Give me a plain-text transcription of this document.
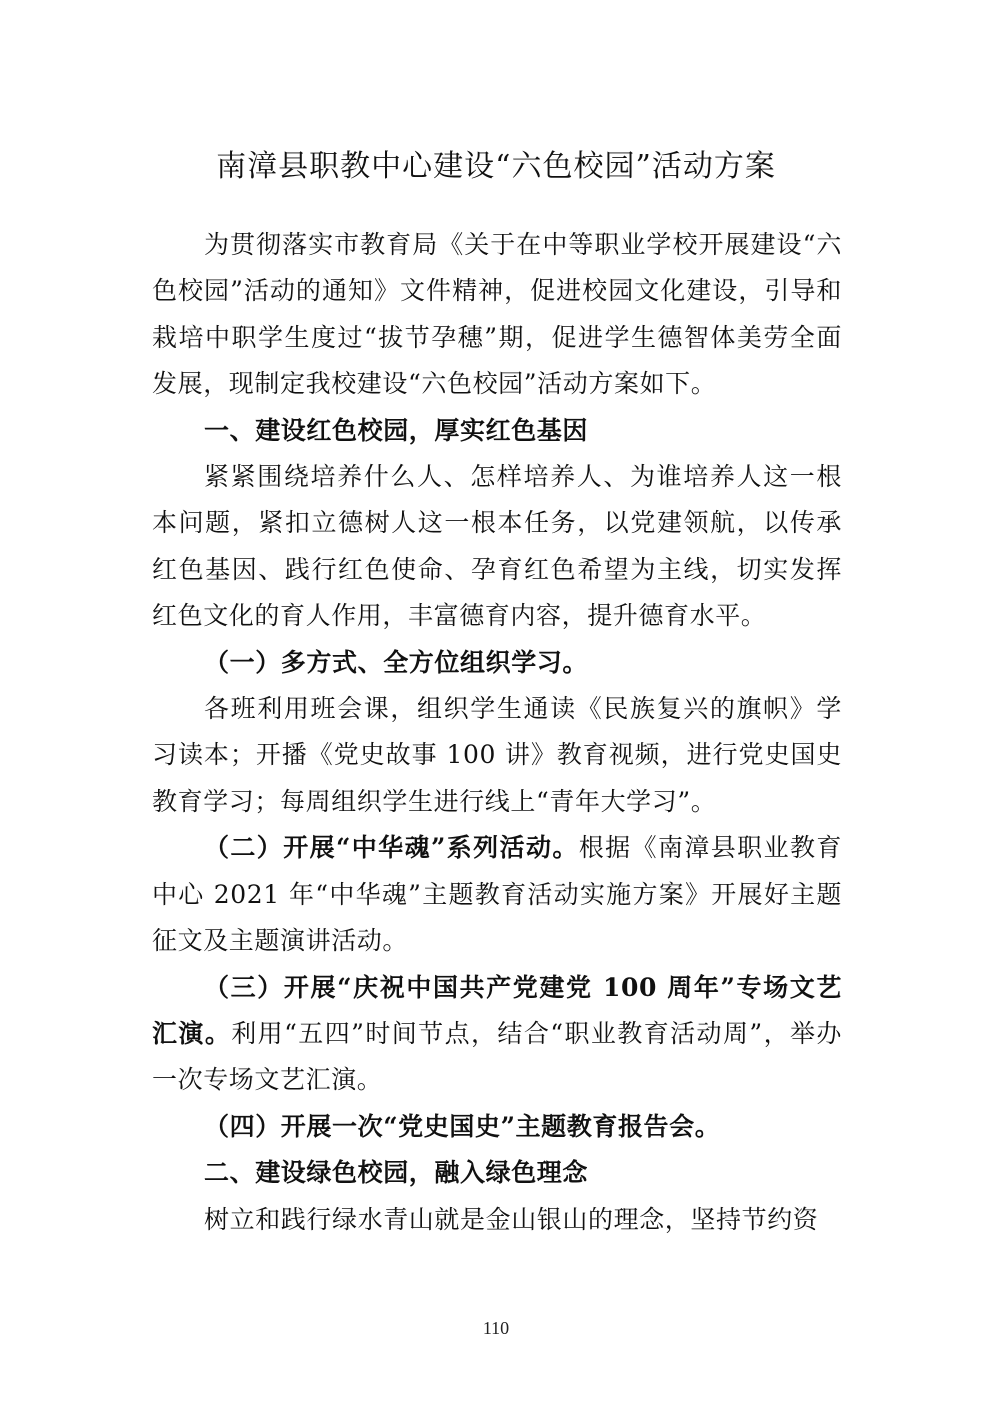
南漳县职教中心建设“六色校园”活动方案

为贯彻落实市教育局《关于在中等职业学校开展建设“六色校园”活动的通知》文件精神，促进校园文化建设，引导和栽培中职学生度过“拔节孕穗”期，促进学生德智体美劳全面发展，现制定我校建设“六色校园”活动方案如下。

一、建设红色校园，厚实红色基因

紧紧围绕培养什么人、怎样培养人、为谁培养人这一根本问题，紧扣立德树人这一根本任务，以党建领航，以传承红色基因、践行红色使命、孕育红色希望为主线，切实发挥红色文化的育人作用，丰富德育内容，提升德育水平。

（一）多方式、全方位组织学习。

各班利用班会课，组织学生通读《民族复兴的旗帜》学习读本；开播《党史故事 100 讲》教育视频，进行党史国史教育学习；每周组织学生进行线上“青年大学习”。

（二）开展“中华魂”系列活动。根据《南漳县职业教育中心 2021 年“中华魂”主题教育活动实施方案》开展好主题征文及主题演讲活动。

（三）开展“庆祝中国共产党建党 100 周年”专场文艺汇演。利用“五四”时间节点，结合“职业教育活动周”，举办一次专场文艺汇演。

（四）开展一次“党史国史”主题教育报告会。

二、建设绿色校园，融入绿色理念

树立和践行绿水青山就是金山银山的理念，坚持节约资

110
